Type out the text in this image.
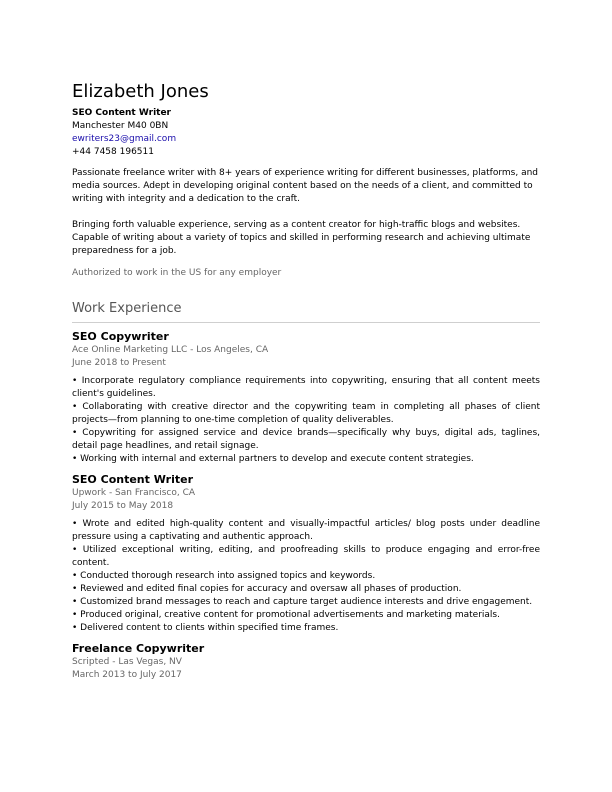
Elizabeth Jones
SEO Content Writer
Manchester M40 0BN
ewriters23@gmail.com
+44 7458 196511

Passionate freelance writer with 8+ years of experience writing for different businesses, platforms, and media sources. Adept in developing original content based on the needs of a client, and committed to writing with integrity and a dedication to the craft.

Bringing forth valuable experience, serving as a content creator for high-traffic blogs and websites. Capable of writing about a variety of topics and skilled in performing research and achieving ultimate preparedness for a job.

Authorized to work in the US for any employer

Work Experience
SEO Copywriter
Ace Online Marketing LLC - Los Angeles, CA
June 2018 to Present
• Incorporate regulatory compliance requirements into copywriting, ensuring that all content meets client's guidelines.
• Collaborating with creative director and the copywriting team in completing all phases of client projects—from planning to one-time completion of quality deliverables.
• Copywriting for assigned service and device brands—specifically why buys, digital ads, taglines, detail page headlines, and retail signage.
• Working with internal and external partners to develop and execute content strategies.
SEO Content Writer
Upwork - San Francisco, CA
July 2015 to May 2018
• Wrote and edited high-quality content and visually-impactful articles/ blog posts under deadline pressure using a captivating and authentic approach.
• Utilized exceptional writing, editing, and proofreading skills to produce engaging and error-free content.
• Conducted thorough research into assigned topics and keywords.
• Reviewed and edited final copies for accuracy and oversaw all phases of production.
• Customized brand messages to reach and capture target audience interests and drive engagement.
• Produced original, creative content for promotional advertisements and marketing materials.
• Delivered content to clients within specified time frames.
Freelance Copywriter
Scripted - Las Vegas, NV
March 2013 to July 2017
